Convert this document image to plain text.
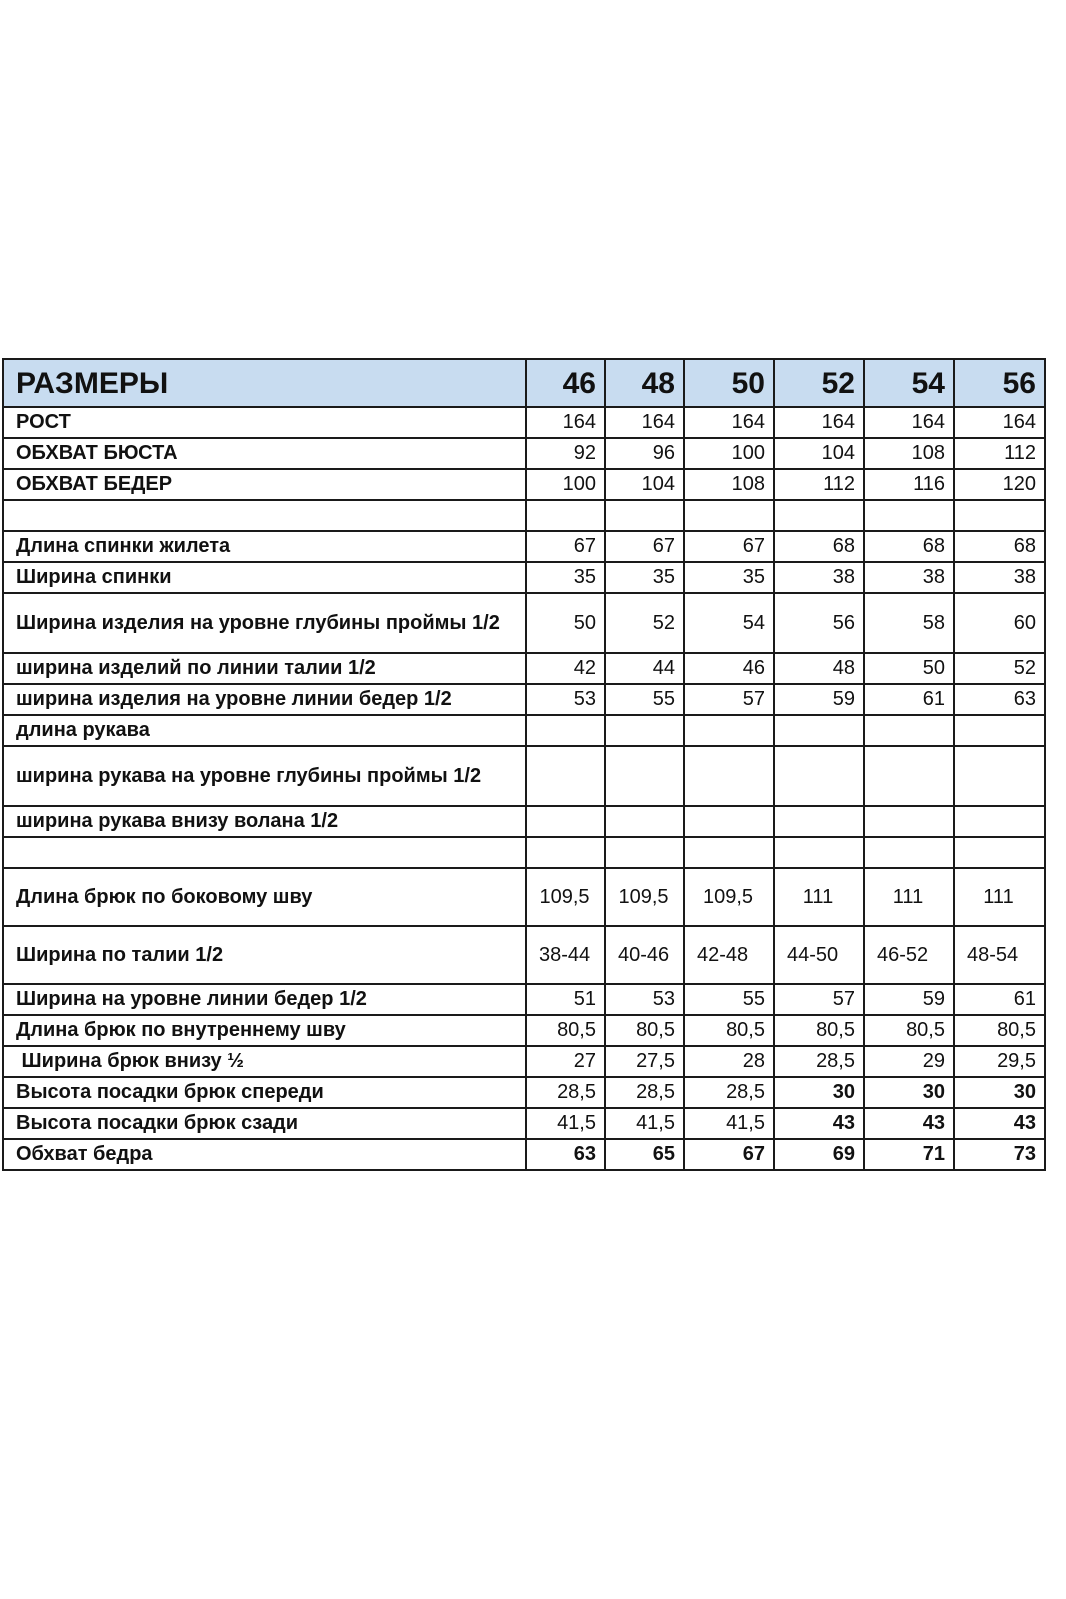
РАЗМЕРЫ	46	48	50	52	54	56
РОСТ	164	164	164	164	164	164
ОБХВАТ БЮСТА	92	96	100	104	108	112
ОБХВАТ БЕДЕР	100	104	108	112	116	120

Длина спинки жилета	67	67	67	68	68	68
Ширина спинки	35	35	35	38	38	38
Ширина изделия на уровне глубины проймы 1/2	50	52	54	56	58	60
ширина изделий по линии талии 1/2	42	44	46	48	50	52
ширина изделия на уровне линии бедер 1/2	53	55	57	59	61	63
длина рукава						
ширина рукава на уровне глубины проймы 1/2						
ширина рукава внизу волана 1/2						

Длина брюк по боковому шву	109,5	109,5	109,5	111	111	111
Ширина по талии 1/2	38-44	40-46	42-48	44-50	46-52	48-54
Ширина на уровне линии бедер 1/2	51	53	55	57	59	61
Длина брюк по внутреннему шву	80,5	80,5	80,5	80,5	80,5	80,5
Ширина брюк внизу ½	27	27,5	28	28,5	29	29,5
Высота посадки брюк спереди	28,5	28,5	28,5	30	30	30
Высота посадки брюк сзади	41,5	41,5	41,5	43	43	43
Обхват бедра	63	65	67	69	71	73
